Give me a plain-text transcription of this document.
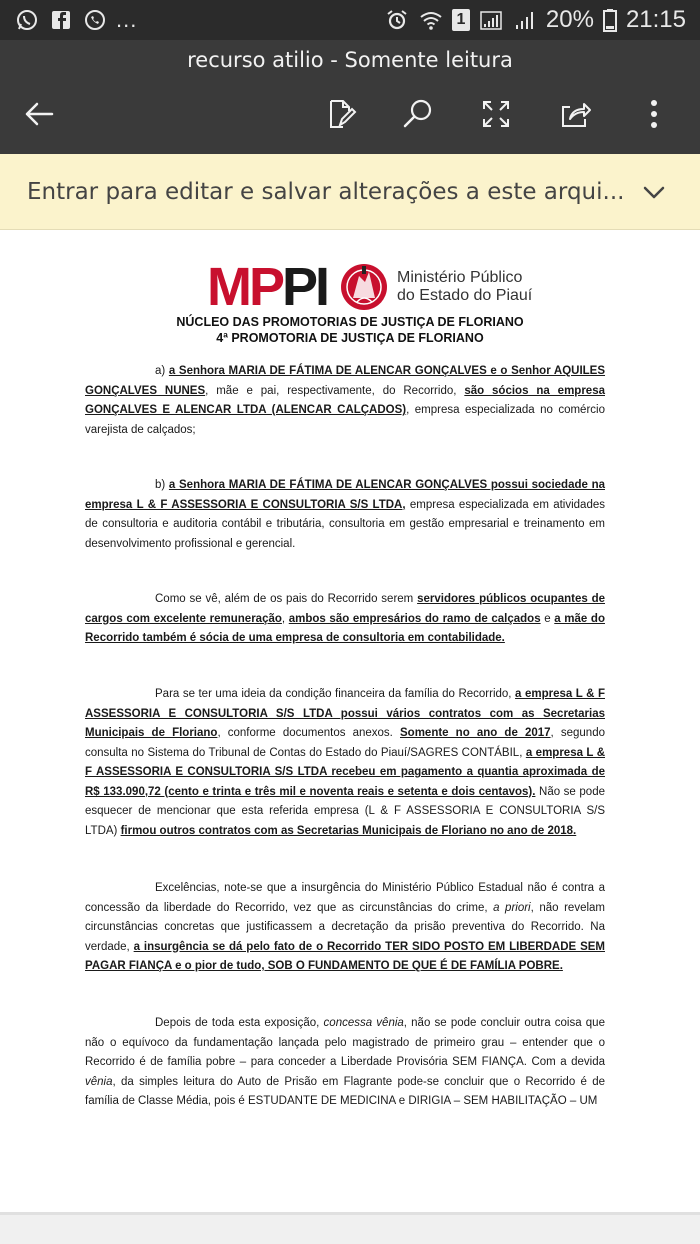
...	1	20% 21:15
recurso atilio - Somente leitura
Entrar para editar e salvar alterações a este arqui...
MPPI	Ministério Público
do Estado do Piauí
NÚCLEO DAS PROMOTORIAS DE JUSTIÇA DE FLORIANO
4ª PROMOTORIA DE JUSTIÇA DE FLORIANO
a) a Senhora MARIA DE FÁTIMA DE ALENCAR GONÇALVES e o Senhor AQUILES GONÇALVES NUNES, mãe e pai, respectivamente, do Recorrido, são sócios na empresa GONÇALVES E ALENCAR LTDA (ALENCAR CALÇADOS), empresa especializada no comércio varejista de calçados;
b) a Senhora MARIA DE FÁTIMA DE ALENCAR GONÇALVES possui sociedade na empresa L & F ASSESSORIA E CONSULTORIA S/S LTDA, empresa especializada em atividades de consultoria e auditoria contábil e tributária, consultoria em gestão empresarial e treinamento em desenvolvimento profissional e gerencial.
Como se vê, além de os pais do Recorrido serem servidores públicos ocupantes de cargos com excelente remuneração, ambos são empresários do ramo de calçados e a mãe do Recorrido também é sócia de uma empresa de consultoria em contabilidade.
Para se ter uma ideia da condição financeira da família do Recorrido, a empresa L & F ASSESSORIA E CONSULTORIA S/S LTDA possui vários contratos com as Secretarias Municipais de Floriano, conforme documentos anexos. Somente no ano de 2017, segundo consulta no Sistema do Tribunal de Contas do Estado do Piauí/SAGRES CONTÁBIL, a empresa L & F ASSESSORIA E CONSULTORIA S/S LTDA recebeu em pagamento a quantia aproximada de R$ 133.090,72 (cento e trinta e três mil e noventa reais e setenta e dois centavos). Não se pode esquecer de mencionar que esta referida empresa (L & F ASSESSORIA E CONSULTORIA S/S LTDA) firmou outros contratos com as Secretarias Municipais de Floriano no ano de 2018.
Excelências, note-se que a insurgência do Ministério Público Estadual não é contra a concessão da liberdade do Recorrido, vez que as circunstâncias do crime, a priori, não revelam circunstâncias concretas que justificassem a decretação da prisão preventiva do Recorrido. Na verdade, a insurgência se dá pelo fato de o Recorrido TER SIDO POSTO EM LIBERDADE SEM PAGAR FIANÇA e o pior de tudo, SOB O FUNDAMENTO DE QUE É DE FAMÍLIA POBRE.
Depois de toda esta exposição, concessa vênia, não se pode concluir outra coisa que não o equívoco da fundamentação lançada pelo magistrado de primeiro grau – entender que o Recorrido é de família pobre – para conceder a Liberdade Provisória SEM FIANÇA. Com a devida vênia, da simples leitura do Auto de Prisão em Flagrante pode-se concluir que o Recorrido é de família de Classe Média, pois é ESTUDANTE DE MEDICINA e DIRIGIA – SEM HABILITAÇÃO – UM
